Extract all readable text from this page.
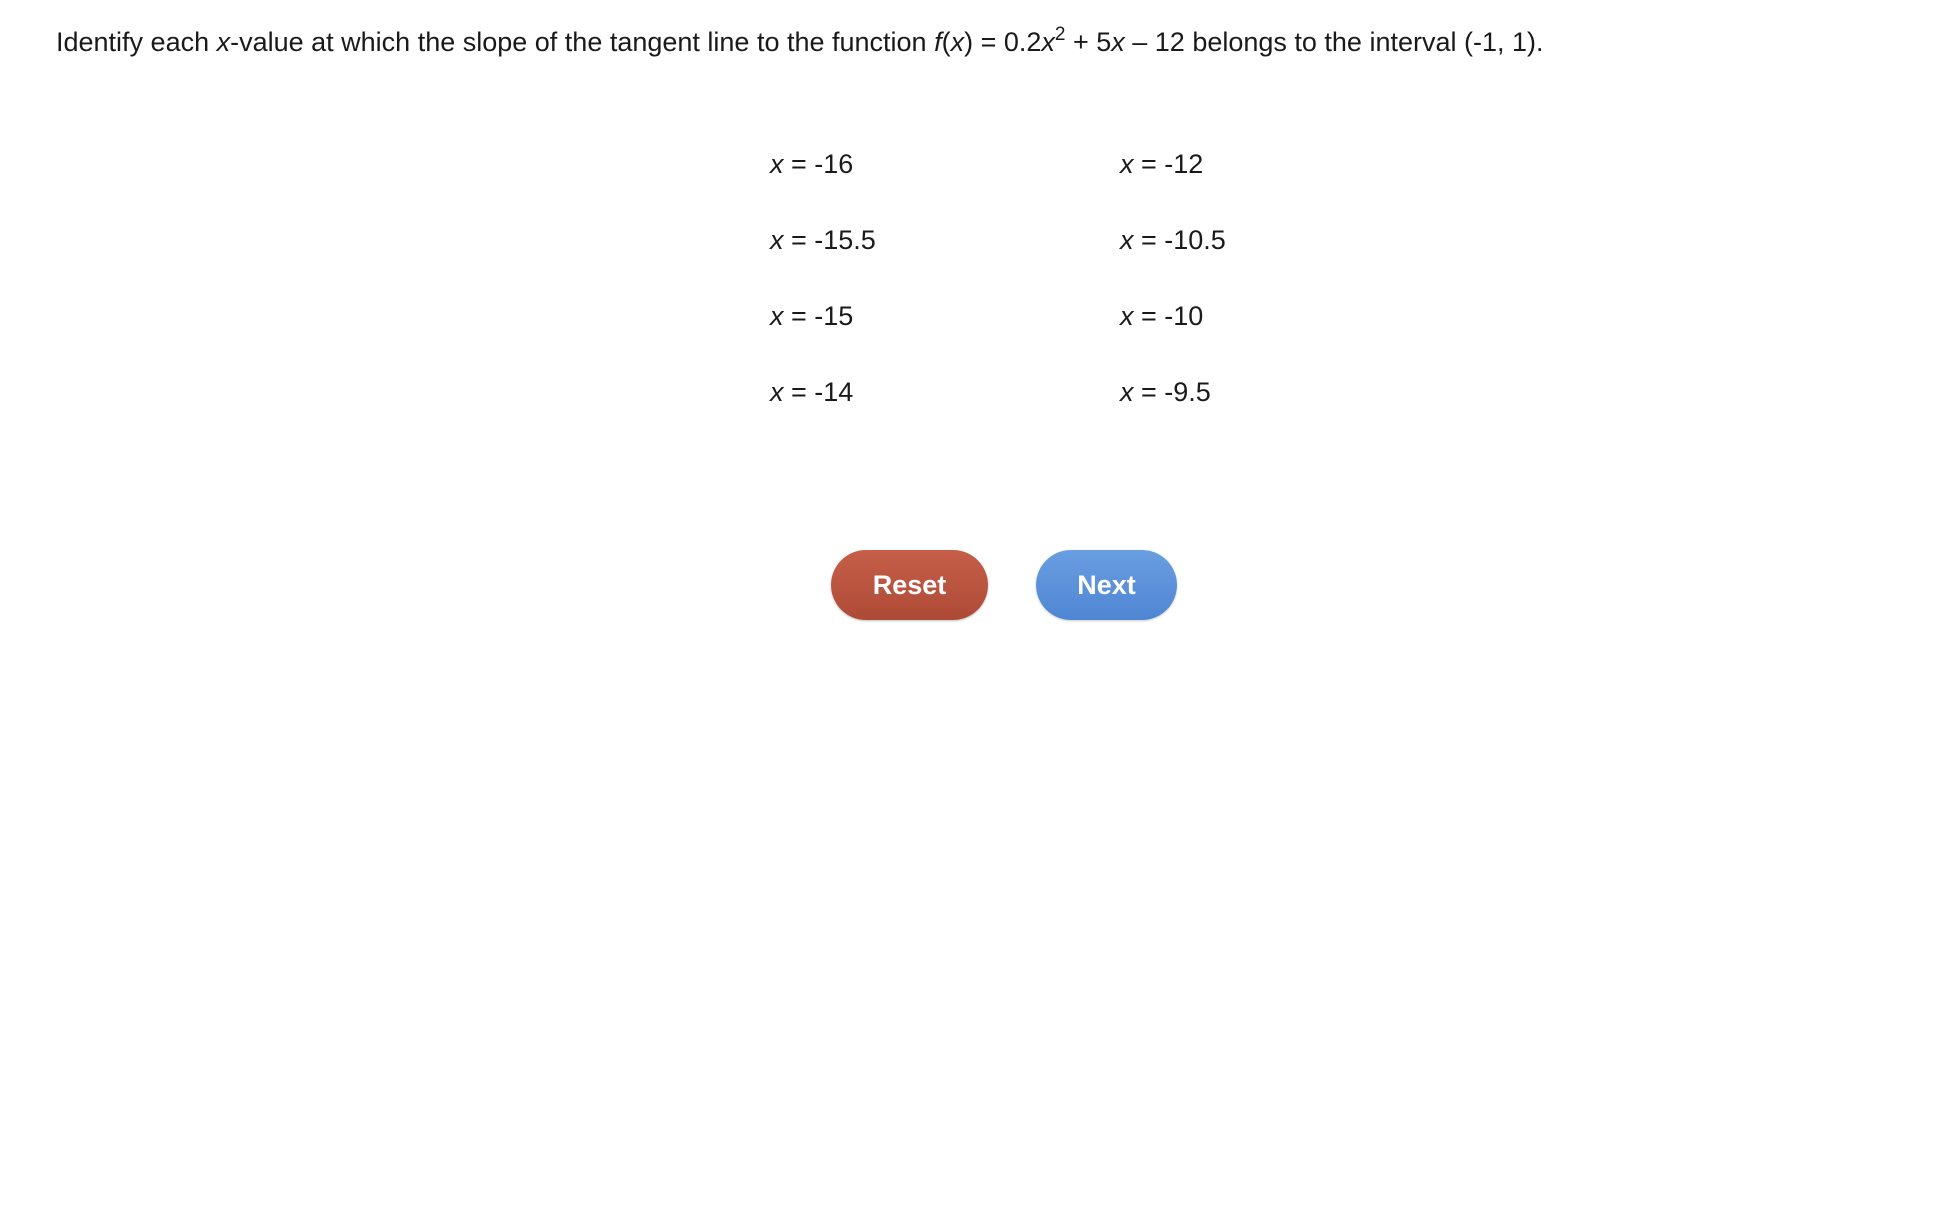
Identify each x-value at which the slope of the tangent line to the function $f(x) = 0.2x^2 + 5x - 12$ belongs to the interval (-1, 1).
x = -16	x = -12
x = -15.5	x = -10.5
x = -15	x = -10
x = -14	x = -9.5
Reset	Next
